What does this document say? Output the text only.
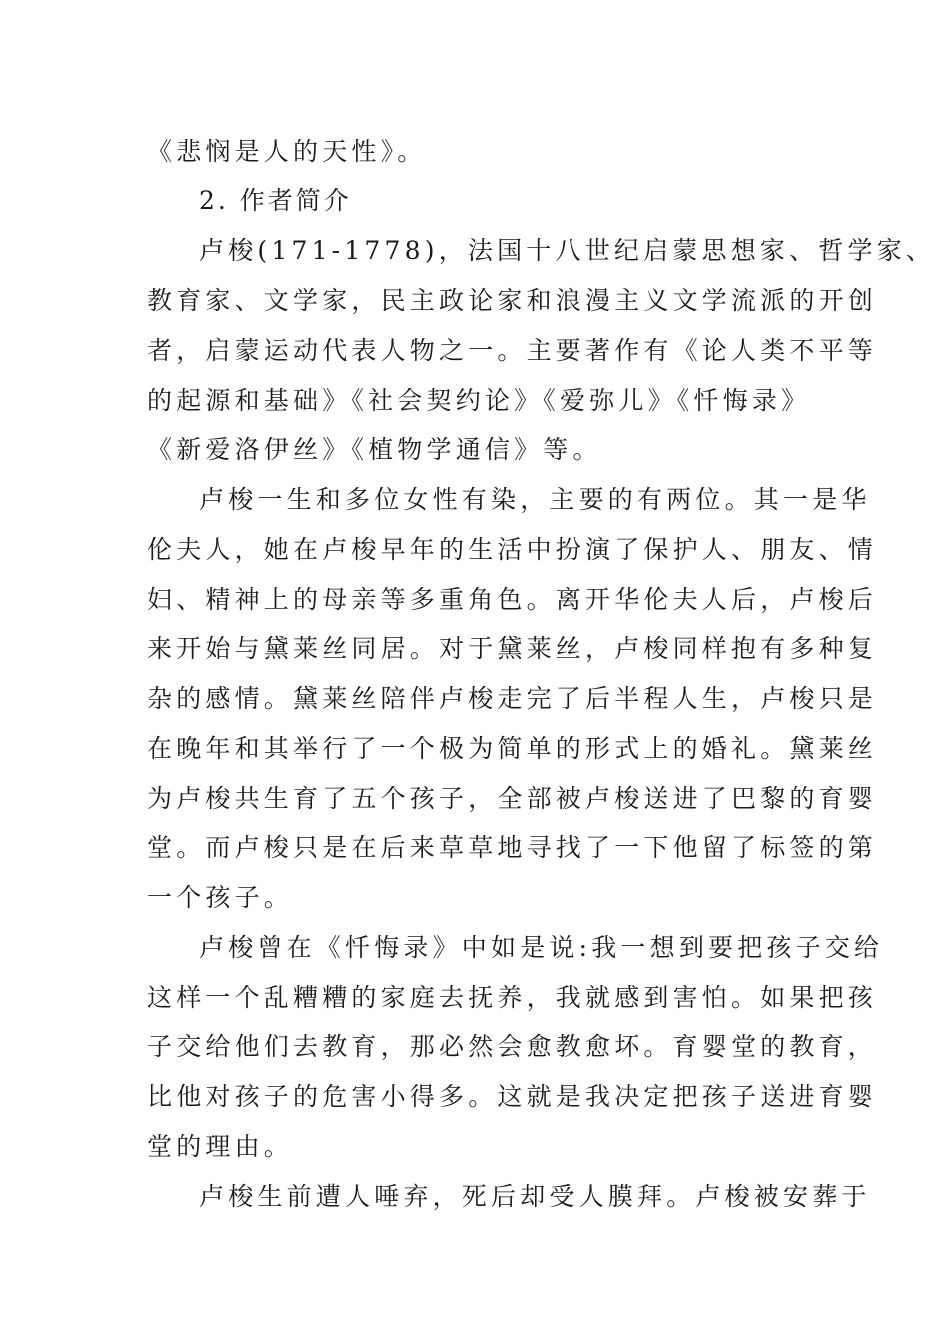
《悲悯是人的天性》。
2. 作者简介
卢梭(171-1778)，法国十八世纪启蒙思想家、哲学家、
教育家、文学家，民主政论家和浪漫主义文学流派的开创
者，启蒙运动代表人物之一。主要著作有《论人类不平等
的起源和基础》《社会契约论》《爱弥儿》《忏悔录》
《新爱洛伊丝》《植物学通信》等。
卢梭一生和多位女性有染，主要的有两位。其一是华
伦夫人，她在卢梭早年的生活中扮演了保护人、朋友、情
妇、精神上的母亲等多重角色。离开华伦夫人后，卢梭后
来开始与黛莱丝同居。对于黛莱丝，卢梭同样抱有多种复
杂的感情。黛莱丝陪伴卢梭走完了后半程人生，卢梭只是
在晚年和其举行了一个极为简单的形式上的婚礼。黛莱丝
为卢梭共生育了五个孩子，全部被卢梭送进了巴黎的育婴
堂。而卢梭只是在后来草草地寻找了一下他留了标签的第
一个孩子。
卢梭曾在《忏悔录》中如是说:我一想到要把孩子交给
这样一个乱糟糟的家庭去抚养，我就感到害怕。如果把孩
子交给他们去教育，那必然会愈教愈坏。育婴堂的教育，
比他对孩子的危害小得多。这就是我决定把孩子送进育婴
堂的理由。
卢梭生前遭人唾弃，死后却受人膜拜。卢梭被安葬于
